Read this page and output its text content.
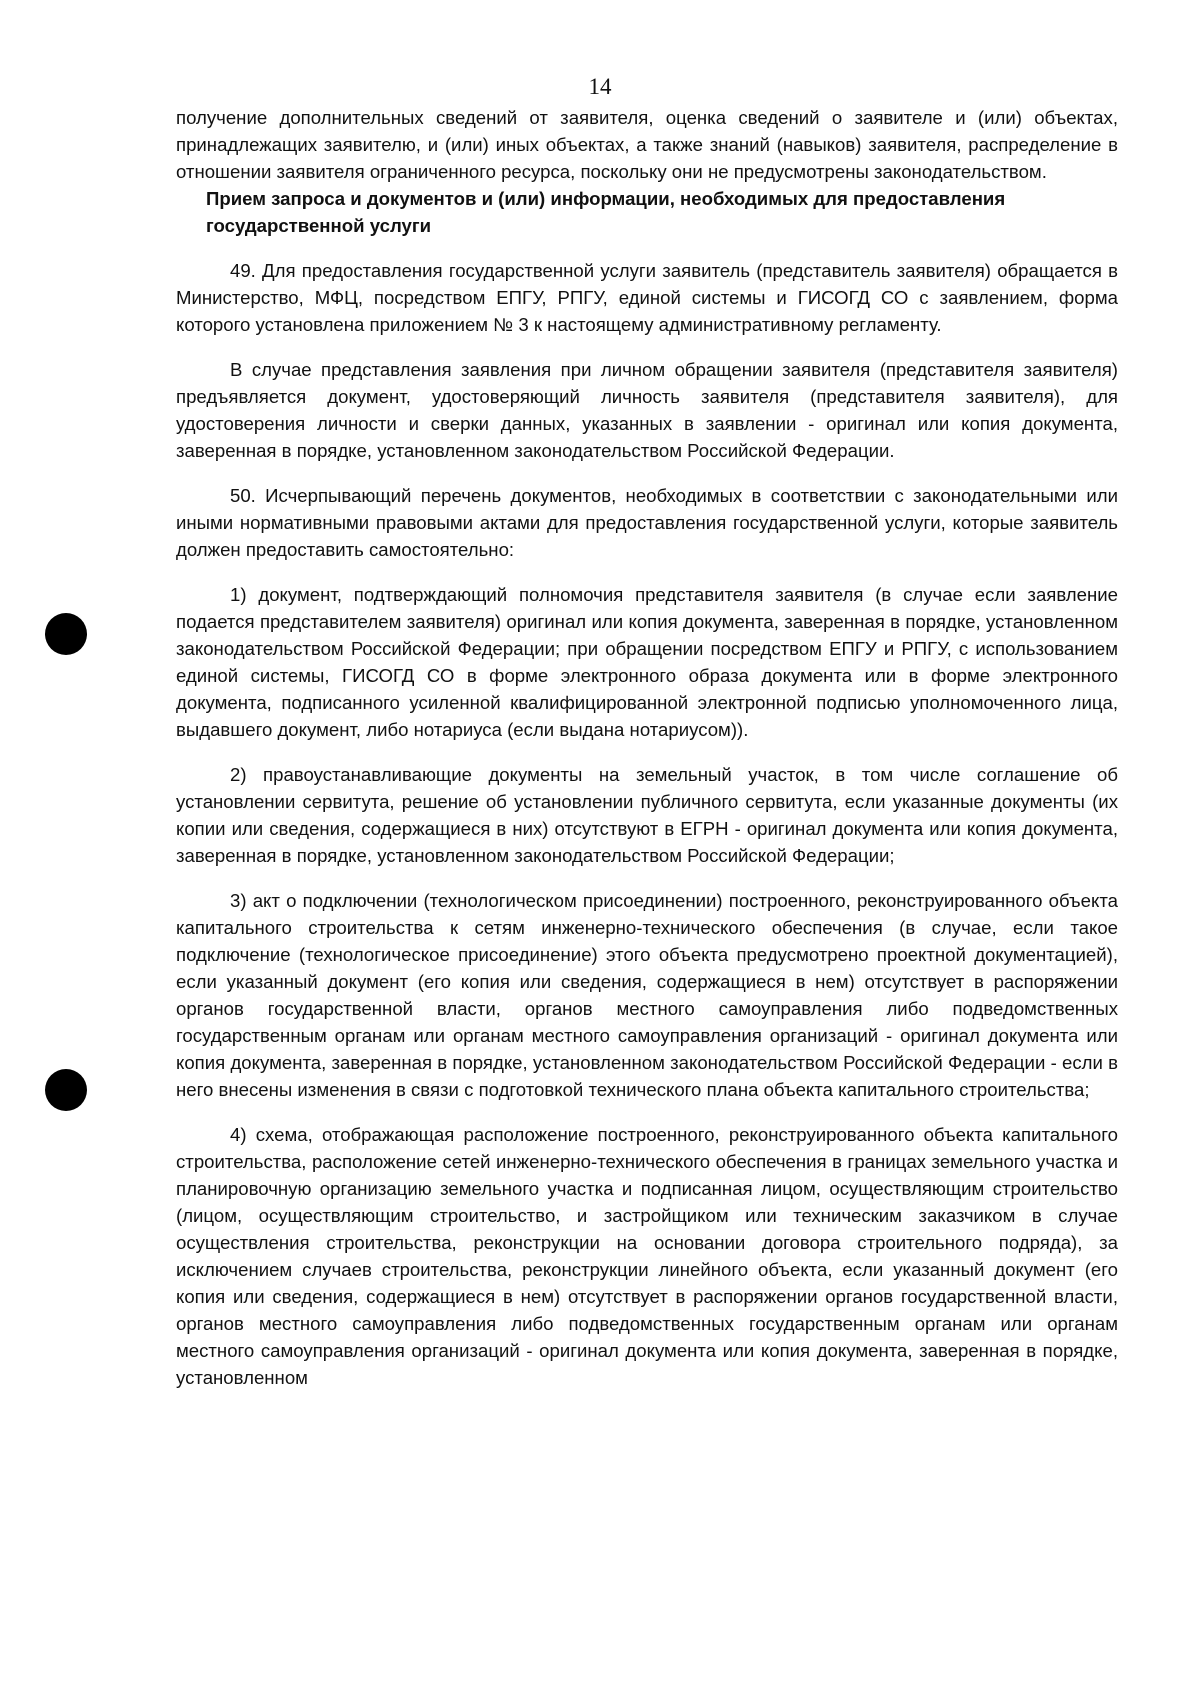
14

получение дополнительных сведений от заявителя, оценка сведений о заявителе и (или) объектах, принадлежащих заявителю, и (или) иных объектах, а также знаний (навыков) заявителя, распределение в отношении заявителя ограниченного ресурса, поскольку они не предусмотрены законодательством.

Прием запроса и документов и (или) информации, необходимых для предоставления
государственной услуги

49. Для предоставления государственной услуги заявитель (представитель заявителя) обращается в Министерство, МФЦ, посредством ЕПГУ, РПГУ, единой системы и ГИСОГД СО с заявлением, форма которого установлена приложением № 3 к настоящему административному регламенту.

В случае представления заявления при личном обращении заявителя (представителя заявителя) предъявляется документ, удостоверяющий личность заявителя (представителя заявителя), для удостоверения личности и сверки данных, указанных в заявлении - оригинал или копия документа, заверенная в порядке, установленном законодательством Российской Федерации.

50. Исчерпывающий перечень документов, необходимых в соответствии с законодательными или иными нормативными правовыми актами для предоставления государственной услуги, которые заявитель должен предоставить самостоятельно:

1) документ, подтверждающий полномочия представителя заявителя (в случае если заявление подается представителем заявителя) оригинал или копия документа, заверенная в порядке, установленном законодательством Российской Федерации; при обращении посредством ЕПГУ и РПГУ, с использованием единой системы, ГИСОГД СО в форме электронного образа документа или в форме электронного документа, подписанного усиленной квалифицированной электронной подписью уполномоченного лица, выдавшего документ, либо нотариуса (если выдана нотариусом)).

2) правоустанавливающие документы на земельный участок, в том числе соглашение об установлении сервитута, решение об установлении публичного сервитута, если указанные документы (их копии или сведения, содержащиеся в них) отсутствуют в ЕГРН - оригинал документа или копия документа, заверенная в порядке, установленном законодательством Российской Федерации;

3) акт о подключении (технологическом присоединении) построенного, реконструированного объекта капитального строительства к сетям инженерно-технического обеспечения (в случае, если такое подключение (технологическое присоединение) этого объекта предусмотрено проектной документацией), если указанный документ (его копия или сведения, содержащиеся в нем) отсутствует в распоряжении органов государственной власти, органов местного самоуправления либо подведомственных государственным органам или органам местного самоуправления организаций - оригинал документа или копия документа, заверенная в порядке, установленном законодательством Российской Федерации - если в него внесены изменения в связи с подготовкой технического плана объекта капитального строительства;

4) схема, отображающая расположение построенного, реконструированного объекта капитального строительства, расположение сетей инженерно-технического обеспечения в границах земельного участка и планировочную организацию земельного участка и подписанная лицом, осуществляющим строительство (лицом, осуществляющим строительство, и застройщиком или техническим заказчиком в случае осуществления строительства, реконструкции на основании договора строительного подряда), за исключением случаев строительства, реконструкции линейного объекта, если указанный документ (его копия или сведения, содержащиеся в нем) отсутствует в распоряжении органов государственной власти, органов местного самоуправления либо подведомственных государственным органам или органам местного самоуправления организаций - оригинал документа или копия документа, заверенная в порядке, установленном
